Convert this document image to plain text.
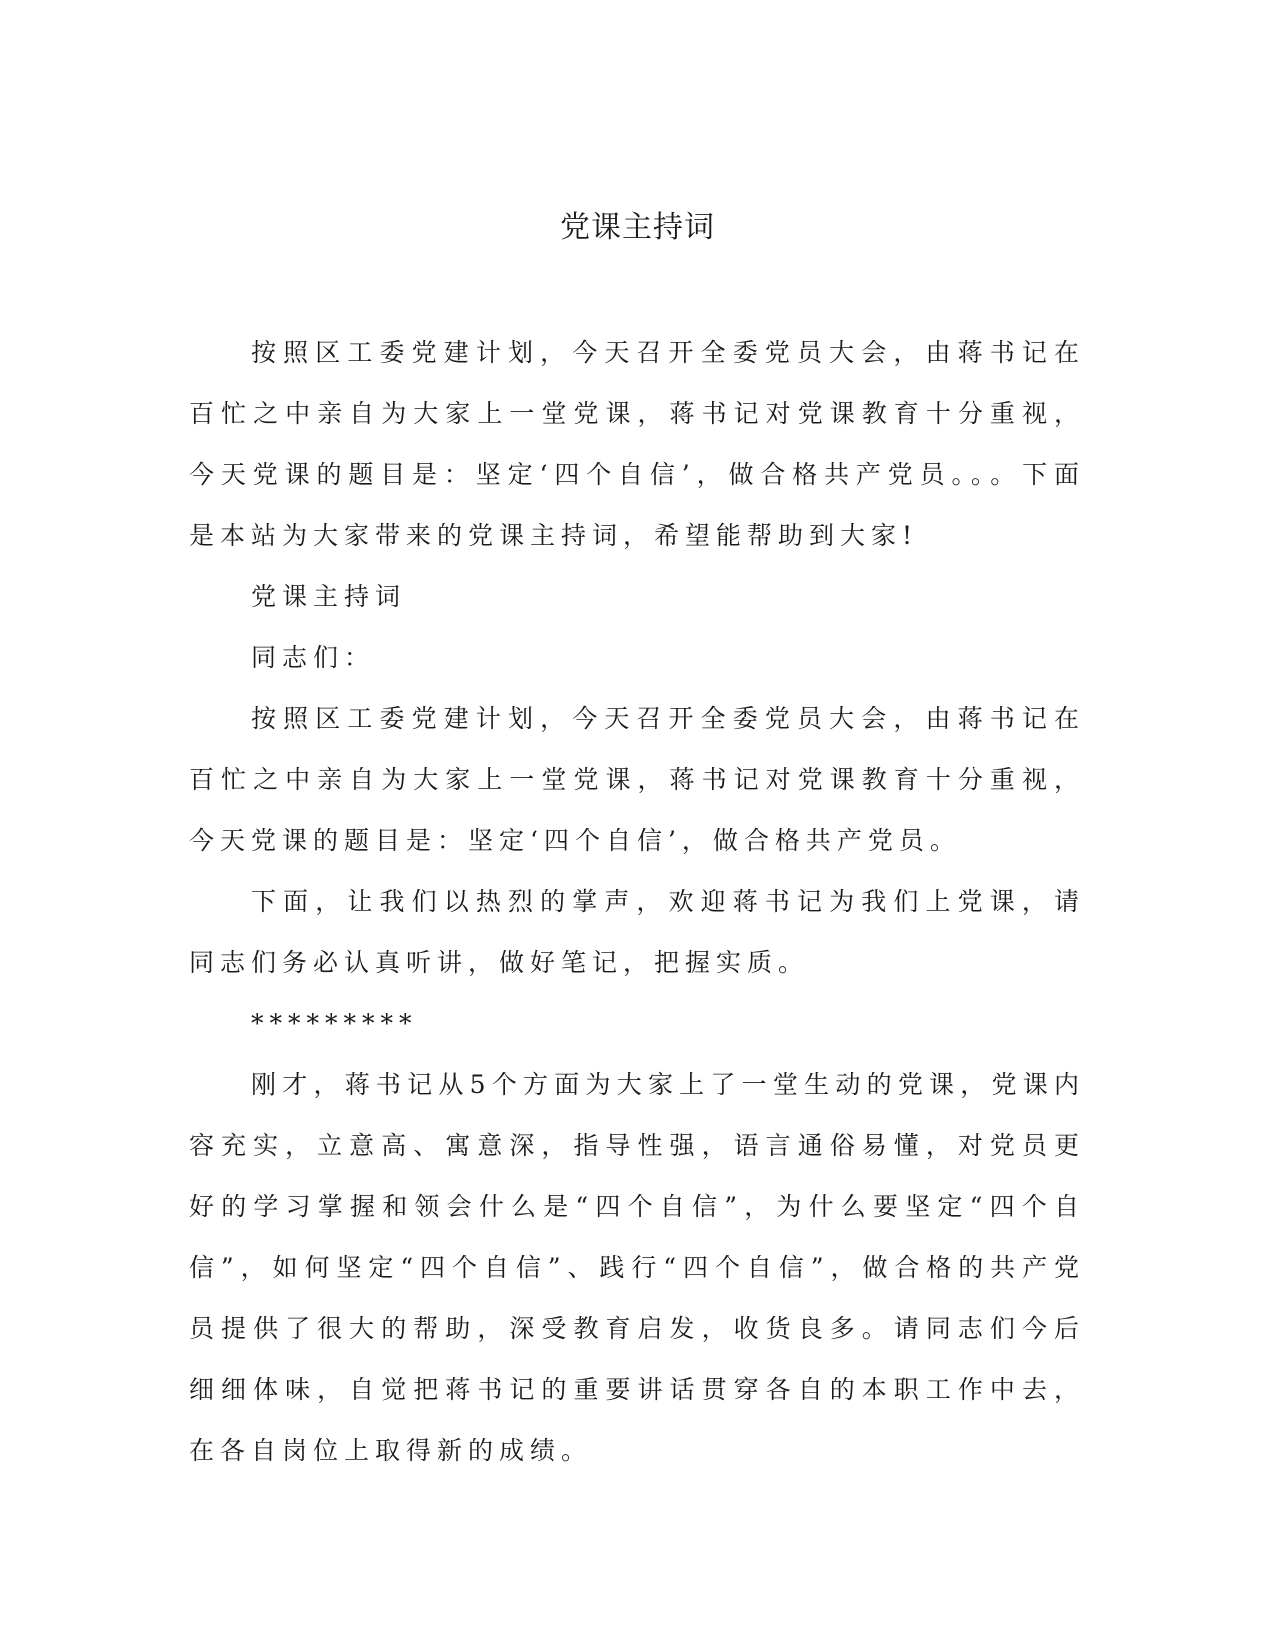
党课主持词

按照区工委党建计划，今天召开全委党员大会，由蒋书记在百忙之中亲自为大家上一堂党课，蒋书记对党课教育十分重视，今天党课的题目是：坚定‘四个自信’，做合格共产党员。。。下面是本站为大家带来的党课主持词，希望能帮助到大家!

党课主持词

同志们：

按照区工委党建计划，今天召开全委党员大会，由蒋书记在百忙之中亲自为大家上一堂党课，蒋书记对党课教育十分重视，今天党课的题目是：坚定‘四个自信’，做合格共产党员。

下面，让我们以热烈的掌声，欢迎蒋书记为我们上党课，请同志们务必认真听讲，做好笔记，把握实质。

*********

刚才，蒋书记从5个方面为大家上了一堂生动的党课，党课内容充实，立意高、寓意深，指导性强，语言通俗易懂，对党员更好的学习掌握和领会什么是“四个自信”，为什么要坚定“四个自信”，如何坚定“四个自信”、践行“四个自信”，做合格的共产党员提供了很大的帮助，深受教育启发，收货良多。请同志们今后细细体味，自觉把蒋书记的重要讲话贯穿各自的本职工作中去，在各自岗位上取得新的成绩。
